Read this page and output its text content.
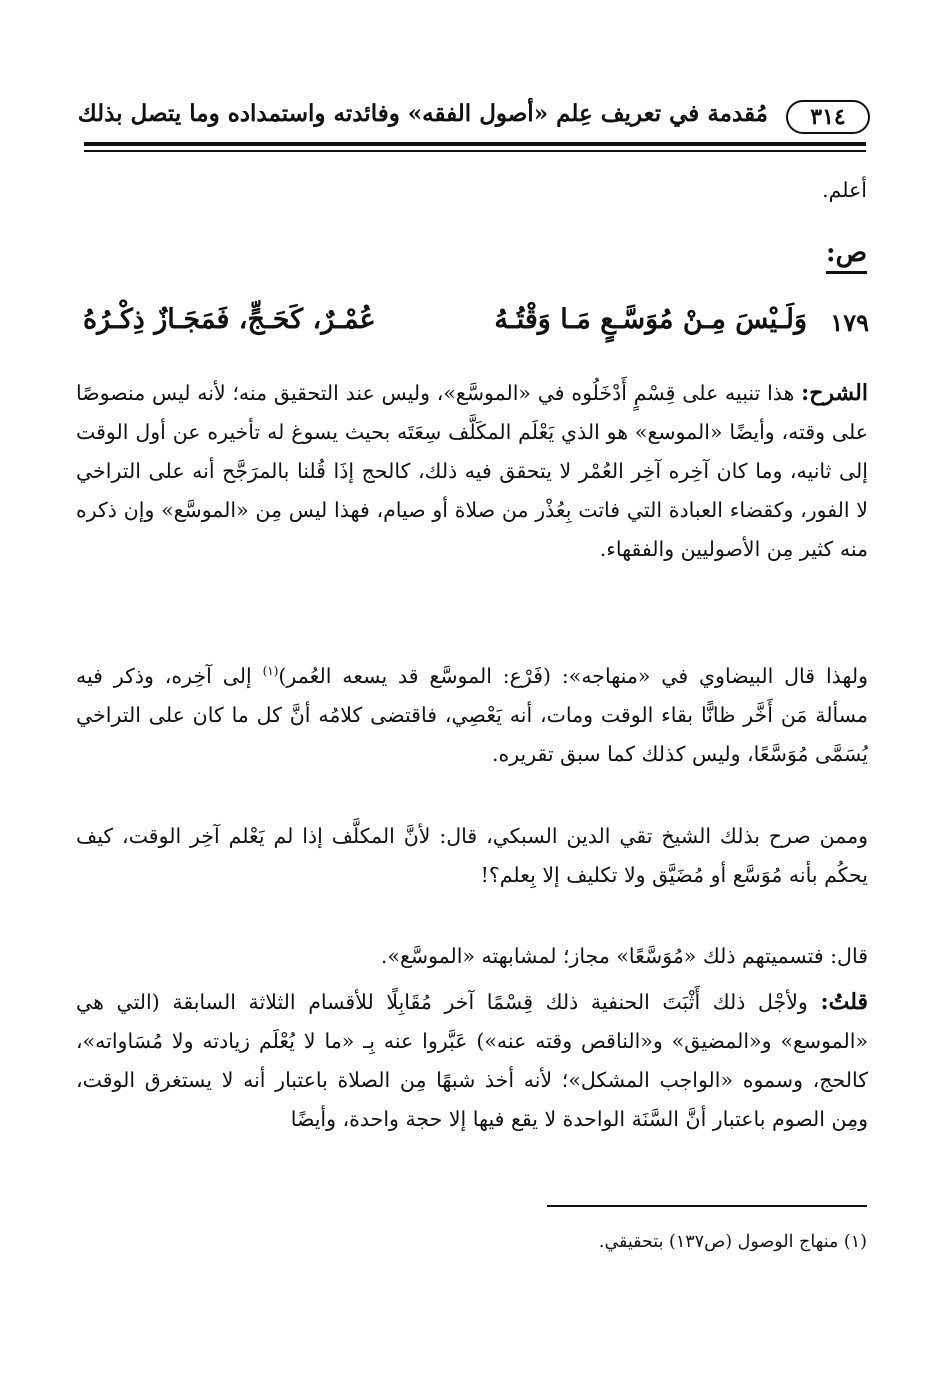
٣١٤
مُقدمة في تعريف عِلم «أصول الفقه» وفائدته واستمداده وما يتصل بذلك
أعلم.
ص:
١٧٩
وَلَـيْسَ مِـنْ مُوَسَّـعٍ مَـا وَقْتُـهُ
عُمْـرٌ، كَحَـجٍّ، فَمَجَـازٌ ذِكْـرُهُ

الشرح: هذا تنبيه على قِسْمٍ أَدْخَلُوه في «الموسَّع»، وليس عند التحقيق منه؛ لأنه ليس منصوصًا على وقته، وأيضًا «الموسع» هو الذي يَعْلَم المكَلَّف سِعَتَه بحيث يسوغ له تأخيره عن أول الوقت إلى ثانيه، وما كان آخِره آخِر العُمْر لا يتحقق فيه ذلك، كالحج إذَا قُلنا بالمرَجَّح أنه على التراخي لا الفور، وكقضاء العبادة التي فاتت بِعُذْر من صلاة أو صيام، فهذا ليس مِن «الموسَّع» وإن ذكره منه كثير مِن الأصوليين والفقهاء.

ولهذا قال البيضاوي في «منهاجه»: (فَرْع: الموسَّع قد يسعه العُمر)$^{(١)}$ إلى آخِره، وذكر فيه مسألة مَن أَخَّر ظانًّا بقاء الوقت ومات، أنه يَعْصِي، فاقتضى كلامُه أنَّ كل ما كان على التراخي يُسَمَّى مُوَسَّعًا، وليس كذلك كما سبق تقريره.

وممن صرح بذلك الشيخ تقي الدين السبكي، قال: لأنَّ المكلَّف إذا لم يَعْلم آخِر الوقت، كيف يحكُم بأنه مُوَسَّع أو مُضَيَّق ولا تكليف إلا بِعلم؟!

قال: فتسميتهم ذلك «مُوَسَّعًا» مجاز؛ لمشابهته «الموسَّع».

قلتُ: ولأجْل ذلك أَثْبَتَ الحنفية ذلك قِسْمًا آخر مُقَابِلًا للأقسام الثلاثة السابقة (التي هي «الموسع» و«المضيق» و«الناقص وقته عنه») عَبَّروا عنه بِـ «ما لا يُعْلَم زيادته ولا مُسَاواته»، كالحج، وسموه «الواجب المشكل»؛ لأنه أخذ شبهًا مِن الصلاة باعتبار أنه لا يستغرق الوقت، ومِن الصوم باعتبار أنَّ السَّنَة الواحدة لا يقع فيها إلا حجة واحدة، وأيضًا

(١) منهاج الوصول (ص١٣٧) بتحقيقي.
